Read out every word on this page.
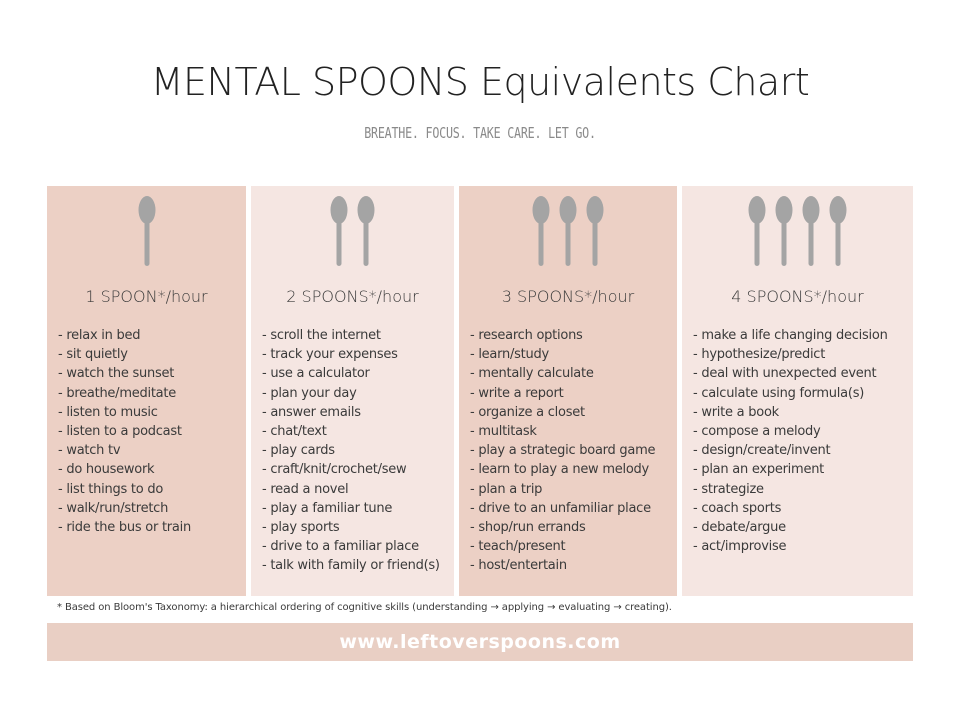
MENTAL SPOONS Equivalents Chart
BREATHE. FOCUS. TAKE CARE. LET GO.
1 SPOON*/hour
- relax in bed
- sit quietly
- watch the sunset
- breathe/meditate
- listen to music
- listen to a podcast
- watch tv
- do housework
- list things to do
- walk/run/stretch
- ride the bus or train
2 SPOONS*/hour
- scroll the internet
- track your expenses
- use a calculator
- plan your day
- answer emails
- chat/text
- play cards
- craft/knit/crochet/sew
- read a novel
- play a familiar tune
- play sports
- drive to a familiar place
- talk with family or friend(s)
3 SPOONS*/hour
- research options
- learn/study
- mentally calculate
- write a report
- organize a closet
- multitask
- play a strategic board game
- learn to play a new melody
- plan a trip
- drive to an unfamiliar place
- shop/run errands
- teach/present
- host/entertain
4 SPOONS*/hour
- make a life changing decision
- hypothesize/predict
- deal with unexpected event
- calculate using formula(s)
- write a book
- compose a melody
- design/create/invent
- plan an experiment
- strategize
- coach sports
- debate/argue
- act/improvise
* Based on Bloom's Taxonomy: a hierarchical ordering of cognitive skills (understanding → applying → evaluating → creating).
www.leftoverspoons.com
